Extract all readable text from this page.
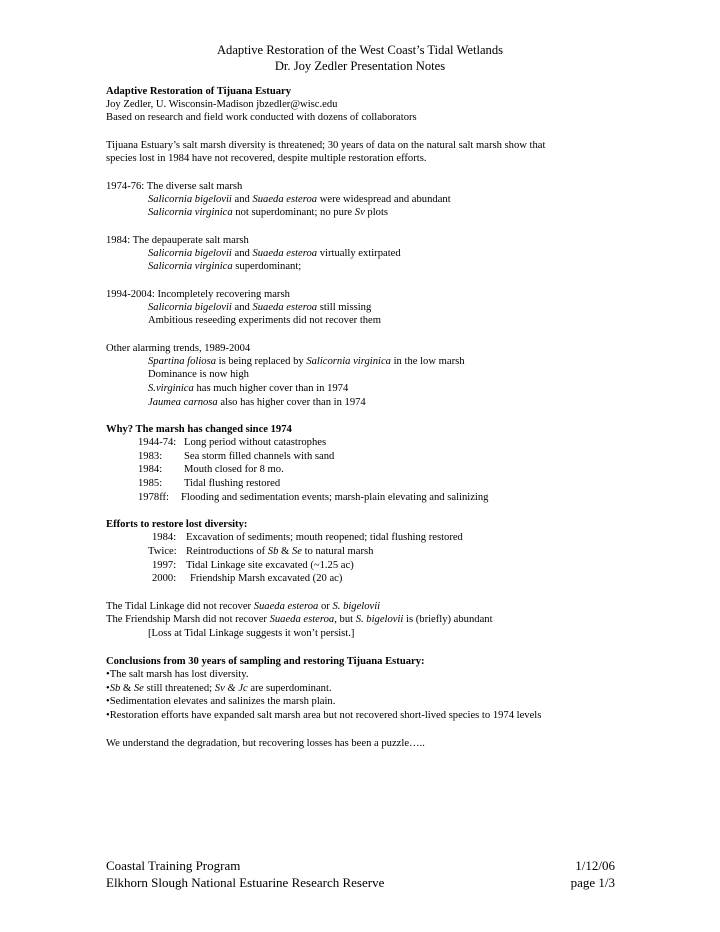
Adaptive Restoration of the West Coast’s Tidal Wetlands
Dr. Joy Zedler Presentation Notes
Adaptive Restoration of Tijuana Estuary
Joy Zedler, U. Wisconsin-Madison jbzedler@wisc.edu
Based on research and field work conducted with dozens of collaborators
Tijuana Estuary’s salt marsh diversity is threatened; 30 years of data on the natural salt marsh show that
species lost in 1984 have not recovered, despite multiple restoration efforts.
1974-76: The diverse salt marsh
Salicornia bigelovii and Suaeda esteroa were widespread and abundant
Salicornia virginica not superdominant; no pure Sv plots
1984: The depauperate salt marsh
Salicornia bigelovii and Suaeda esteroa virtually extirpated
Salicornia virginica superdominant;
1994-2004: Incompletely recovering marsh
Salicornia bigelovii and Suaeda esteroa still missing
Ambitious reseeding experiments did not recover them
Other alarming trends, 1989-2004
Spartina foliosa is being replaced by Salicornia virginica in the low marsh
Dominance is now high
S.virginica has much higher cover than in 1974
Jaumea carnosa also has higher cover than in 1974
Why? The marsh has changed since 1974
1944-74: Long period without catastrophes
1983: Sea storm filled channels with sand
1984: Mouth closed for 8 mo.
1985: Tidal flushing restored
1978ff: Flooding and sedimentation events; marsh-plain elevating and salinizing
Efforts to restore lost diversity:
1984: Excavation of sediments; mouth reopened; tidal flushing restored
Twice: Reintroductions of Sb & Se to natural marsh
1997: Tidal Linkage site excavated (~1.25 ac)
2000: Friendship Marsh excavated (20 ac)
The Tidal Linkage did not recover Suaeda esteroa or S. bigelovii
The Friendship Marsh did not recover Suaeda esteroa, but S. bigelovii is (briefly) abundant
[Loss at Tidal Linkage suggests it won’t persist.]
Conclusions from 30 years of sampling and restoring Tijuana Estuary:
•The salt marsh has lost diversity.
•Sb & Se still threatened; Sv & Jc are superdominant.
•Sedimentation elevates and salinizes the marsh plain.
•Restoration efforts have expanded salt marsh area but not recovered short-lived species to 1974 levels
We understand the degradation, but recovering losses has been a puzzle…..
Coastal Training Program
Elkhorn Slough National Estuarine Research Reserve
1/12/06
page 1/3
